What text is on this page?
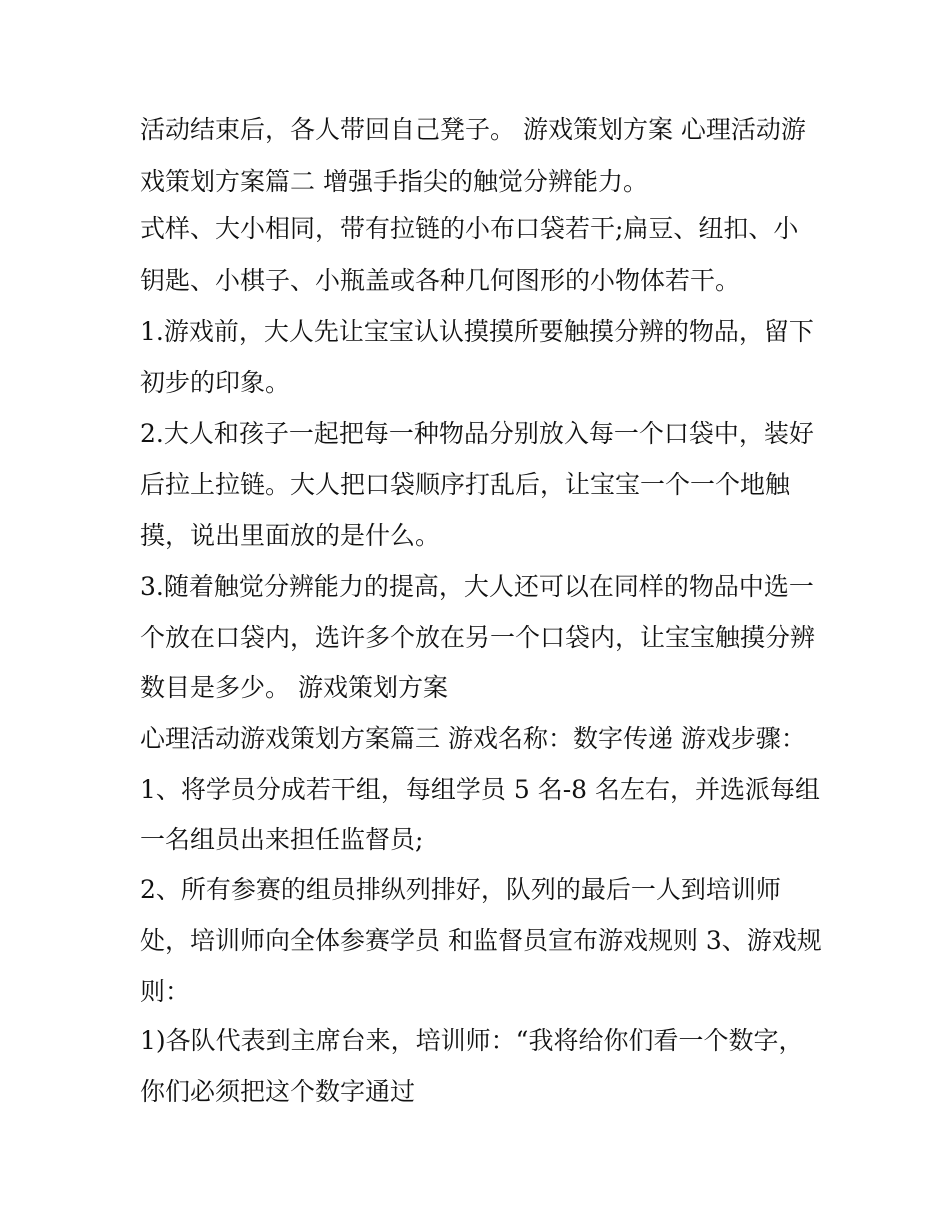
活动结束后，各人带回自己凳子。 游戏策划方案 心理活动游
戏策划方案篇二 增强手指尖的触觉分辨能力。
式样、大小相同，带有拉链的小布口袋若干;扁豆、纽扣、小
钥匙、小棋子、小瓶盖或各种几何图形的小物体若干。
1.游戏前，大人先让宝宝认认摸摸所要触摸分辨的物品，留下
初步的印象。
2.大人和孩子一起把每一种物品分别放入每一个口袋中，装好
后拉上拉链。大人把口袋顺序打乱后，让宝宝一个一个地触
摸，说出里面放的是什么。
3.随着触觉分辨能力的提高，大人还可以在同样的物品中选一
个放在口袋内，选许多个放在另一个口袋内，让宝宝触摸分辨
数目是多少。 游戏策划方案
心理活动游戏策划方案篇三 游戏名称：数字传递 游戏步骤：
1、将学员分成若干组，每组学员 5 名-8 名左右，并选派每组
一名组员出来担任监督员;
2、所有参赛的组员排纵列排好，队列的最后一人到培训师
处，培训师向全体参赛学员 和监督员宣布游戏规则 3、游戏规
则：
1)各队代表到主席台来，培训师：“我将给你们看一个数字，
你们必须把这个数字通过
